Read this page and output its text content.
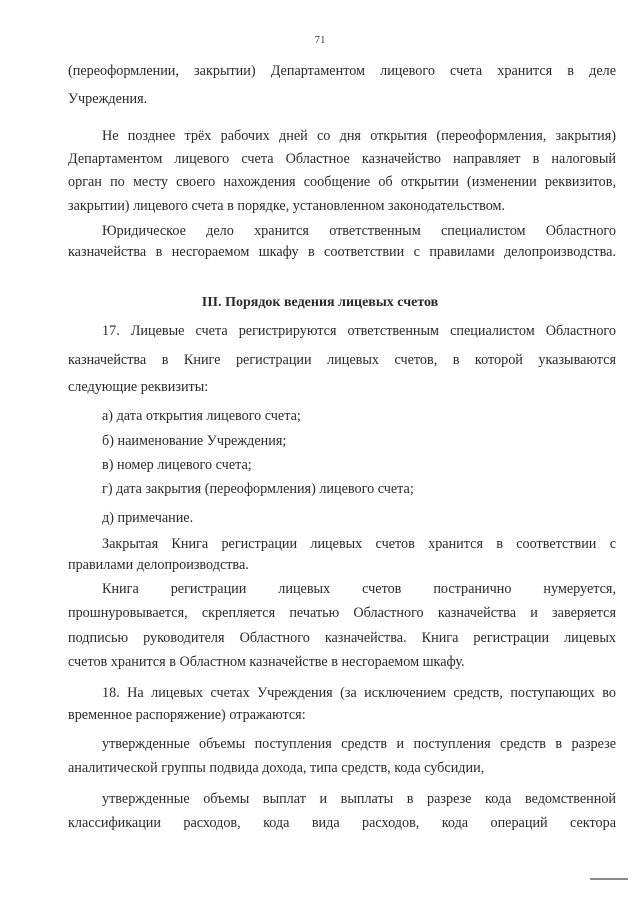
71
(переоформлении, закрытии) Департаментом лицевого счета хранится в деле
Учреждения.
Не позднее трёх рабочих дней со дня открытия (переоформления, закрытия)
Департаментом лицевого счета Областное казначейство направляет в налоговый
орган по месту своего нахождения сообщение об открытии (изменении реквизитов,
закрытии) лицевого счета в порядке, установленном законодательством.
Юридическое дело хранится ответственным специалистом Областного
казначейства в несгораемом шкафу в соответствии с правилами делопроизводства.
III. Порядок ведения лицевых счетов
17. Лицевые счета регистрируются ответственным специалистом Областного
казначейства в Книге регистрации лицевых счетов, в которой указываются
следующие реквизиты:
а) дата открытия лицевого счета;
б) наименование Учреждения;
в) номер лицевого счета;
г) дата закрытия (переоформления) лицевого счета;
д) примечание.
Закрытая Книга регистрации лицевых счетов хранится в соответствии с
правилами делопроизводства.
Книга регистрации лицевых счетов постранично нумеруется,
прошнуровывается, скрепляется печатью Областного казначейства и заверяется
подписью руководителя Областного казначейства. Книга регистрации лицевых
счетов хранится в Областном казначействе в несгораемом шкафу.
18. На лицевых счетах Учреждения (за исключением средств, поступающих во
временное распоряжение) отражаются:
утвержденные объемы поступления средств и поступления средств в разрезе
аналитической группы подвида дохода, типа средств, кода субсидии,
утвержденные объемы выплат и выплаты в разрезе кода ведомственной
классификации расходов, кода вида расходов, кода операций сектора
